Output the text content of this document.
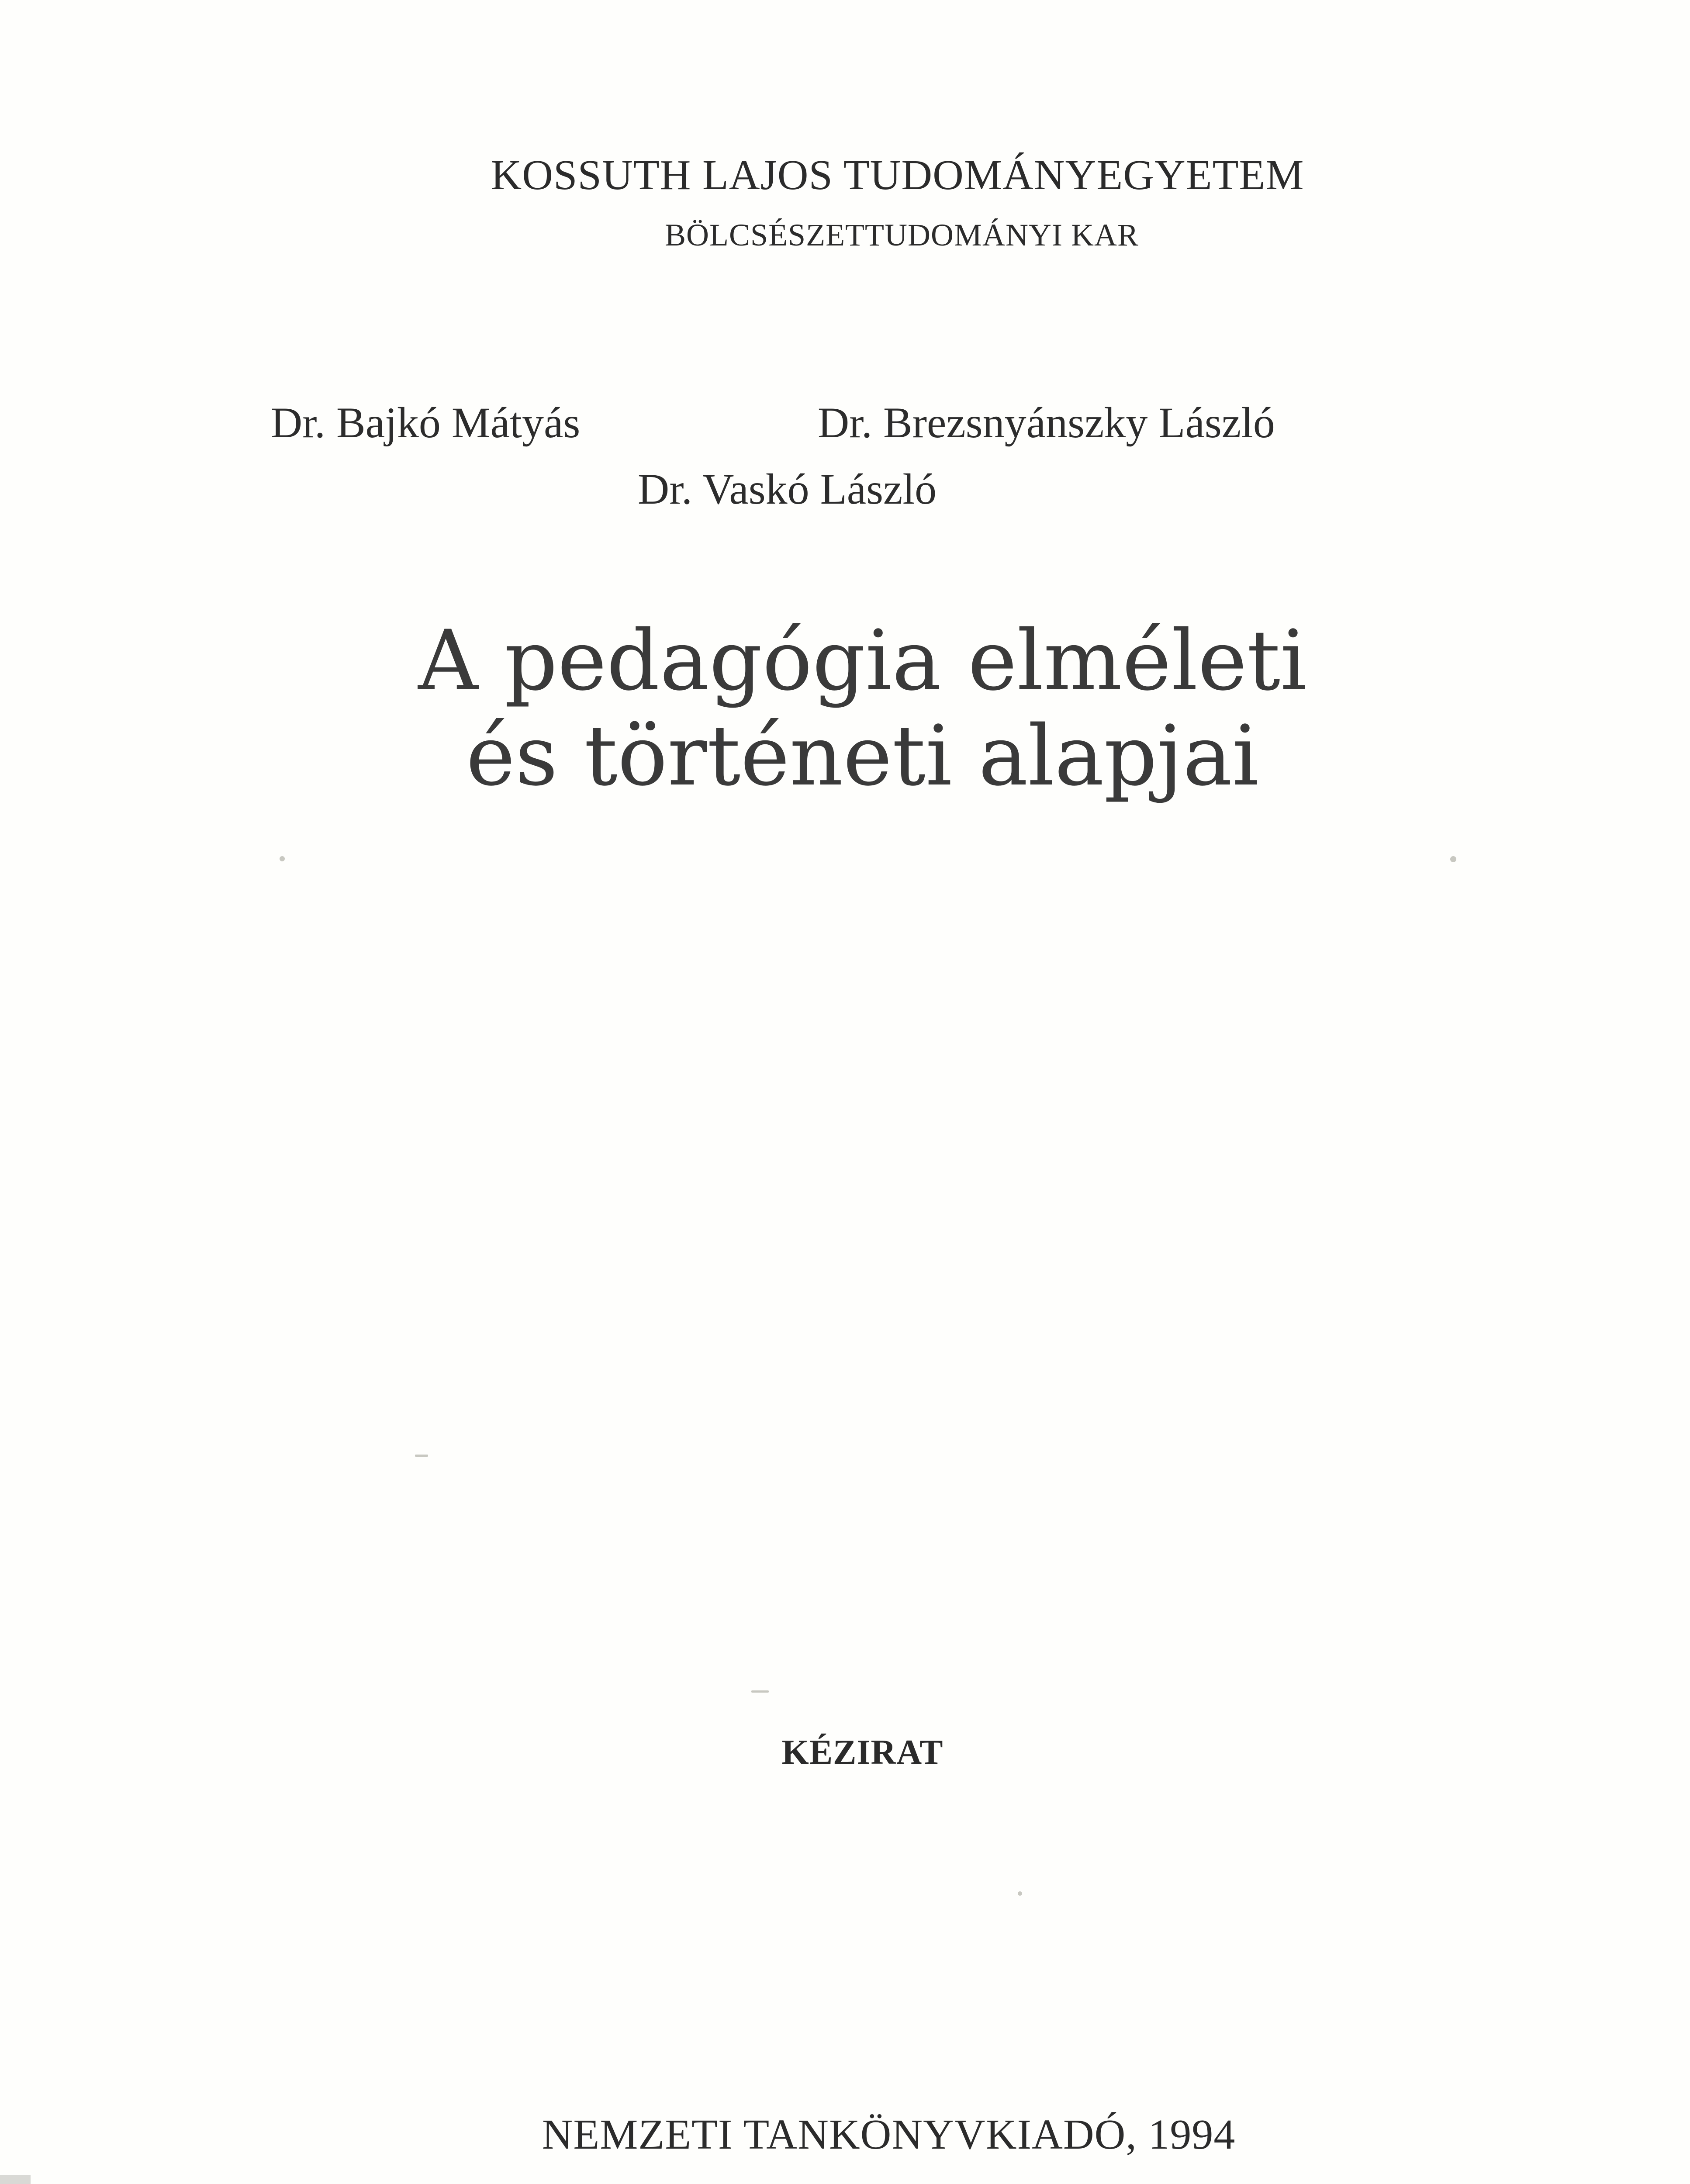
KOSSUTH LAJOS TUDOMÁNYEGYETEM
BÖLCSÉSZETTUDOMÁNYI KAR
Dr. Bajkó Mátyás	Dr. Brezsnyánszky László
Dr. Vaskó László
A pedagógia elméleti
és történeti alapjai
KÉZIRAT
NEMZETI TANKÖNYVKIADÓ, 1994
